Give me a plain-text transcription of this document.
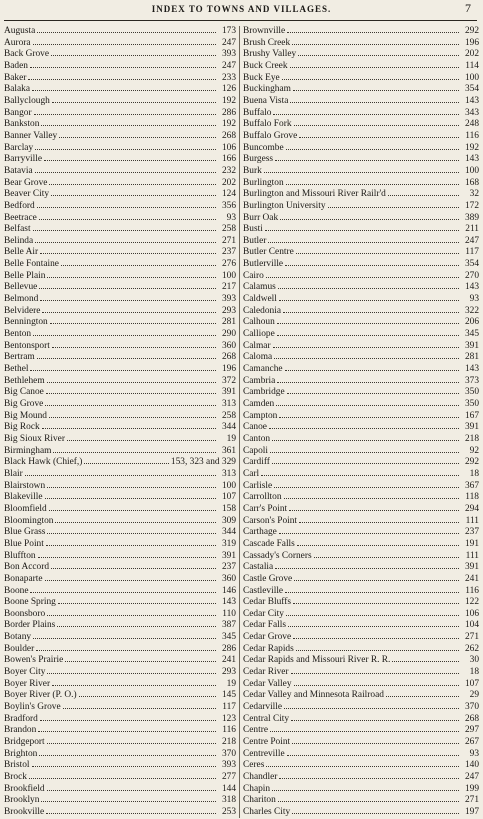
INDEX TO TOWNS AND VILLAGES.	7
Augusta	173
Aurora	247
Back Grove	393
Baden	247
Baker	233
Balaka	126
Ballyclough	192
Bangor	286
Bankston	192
Banner Valley	268
Barclay	106
Barryville	166
Batavia	232
Bear Grove	202
Beaver City	124
Bedford	356
Beetrace	93
Belfast	258
Belinda	271
Belle Air	237
Belle Fontaine	276
Belle Plain	100
Bellevue	217
Belmond	393
Belvidere	293
Bennington	281
Benton	290
Bentonsport	360
Bertram	268
Bethel	196
Bethlehem	372
Big Canoe	391
Big Grove	313
Big Mound	258
Big Rock	344
Big Sioux River	19
Birmingham	361
Black Hawk (Chief,)	153, 323 and 329
Blair	313
Blairstown	100
Blakeville	107
Bloomfield	158
Bloomington	309
Blue Grass	344
Blue Point	319
Bluffton	391
Bon Accord	237
Bonaparte	360
Boone	146
Boone Spring	143
Boonsboro	110
Border Plains	387
Botany	345
Boulder	286
Bowen's Prairie	241
Boyer City	293
Boyer River	19
Boyer River (P. O.)	145
Boylin's Grove	117
Bradford	123
Brandon	116
Bridgeport	218
Brighton	370
Bristol	393
Brock	277
Brookfield	144
Brooklyn	318
Brookville	253
Brownville	292
Brush Creek	196
Brushy Valley	202
Buck Creek	114
Buck Eye	100
Buckingham	354
Buena Vista	143
Buffalo	343
Buffalo Fork	248
Buffalo Grove	116
Buncombe	192
Burgess	143
Burk	100
Burlington	168
Burlington and Missouri River Railr'd	32
Burlington University	172
Burr Oak	389
Busti	211
Butler	247
Butler Centre	117
Butlerville	354
Cairo	270
Calamus	143
Caldwell	93
Caledonia	322
Calhoun	206
Calliope	345
Calmar	391
Caloma	281
Camanche	143
Cambria	373
Cambridge	350
Camden	350
Campton	167
Canoe	391
Canton	218
Capoli	92
Cardiff	292
Carl	18
Carlisle	367
Carrollton	118
Carr's Point	294
Carson's Point	111
Carthage	237
Cascade Falls	191
Cassady's Corners	111
Castalia	391
Castle Grove	241
Castleville	116
Cedar Bluffs	122
Cedar City	106
Cedar Falls	104
Cedar Grove	271
Cedar Rapids	262
Cedar Rapids and Missouri River R. R.	30
Cedar River	18
Cedar Valley	107
Cedar Valley and Minnesota Railroad	29
Cedarville	370
Central City	268
Centre	297
Centre Point	267
Centreville	93
Ceres	140
Chandler	247
Chapin	199
Chariton	271
Charles City	197
